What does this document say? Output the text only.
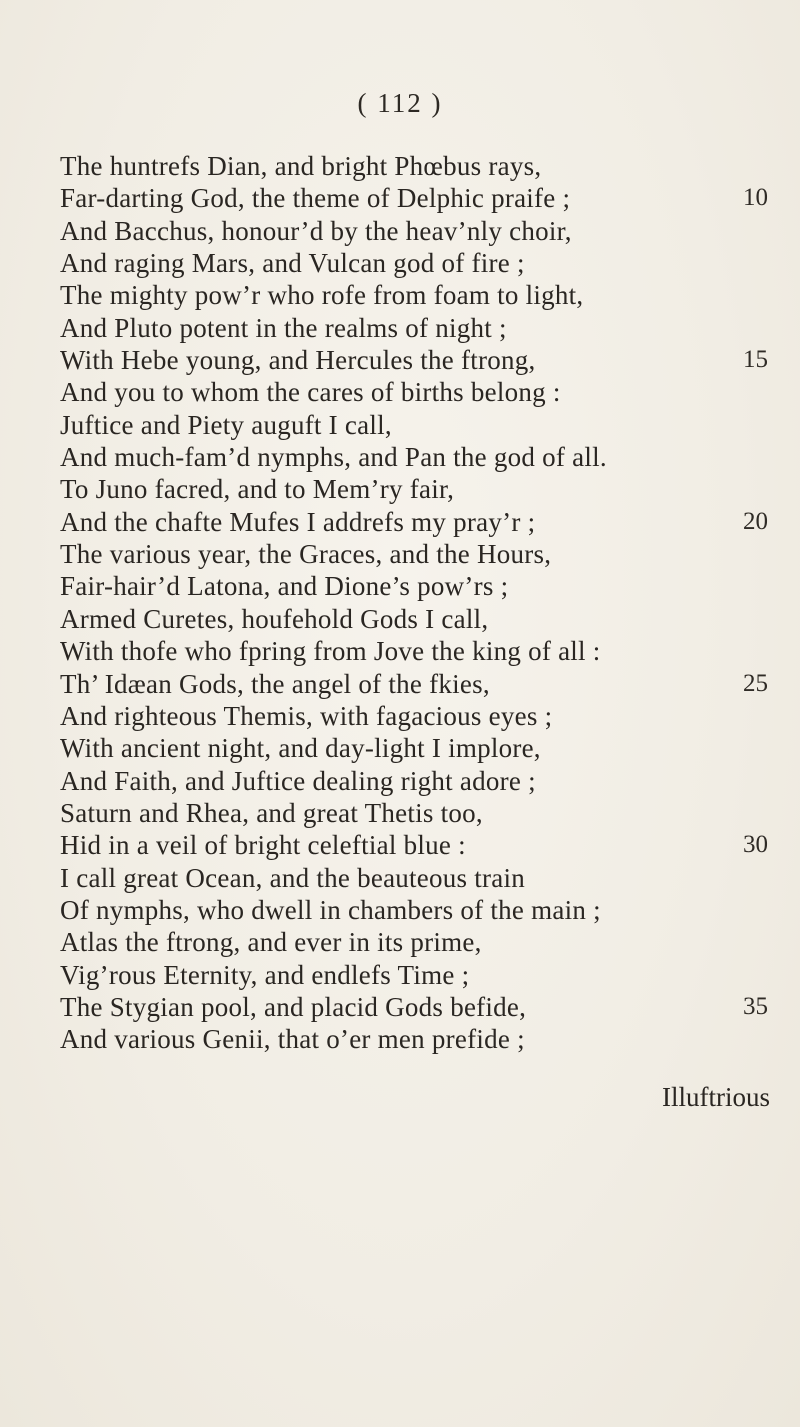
( 112 )
The huntrefs Dian, and bright Phœbus rays,
Far-darting God, the theme of Delphic praife ;	10
And Bacchus, honour’d by the heav’nly choir,
And raging Mars, and Vulcan god of fire ;
The mighty pow’r who rofe from foam to light,
And Pluto potent in the realms of night ;
With Hebe young, and Hercules the ftrong,	15
And you to whom the cares of births belong :
Juftice and Piety auguft I call,
And much-fam’d nymphs, and Pan the god of all.
To Juno facred, and to Mem’ry fair,
And the chafte Mufes I addrefs my pray’r ;	20
The various year, the Graces, and the Hours,
Fair-hair’d Latona, and Dione’s pow’rs ;
Armed Curetes, houfehold Gods I call,
With thofe who fpring from Jove the king of all :
Th’ Idæan Gods, the angel of the fkies,	25
And righteous Themis, with fagacious eyes ;
With ancient night, and day-light I implore,
And Faith, and Juftice dealing right adore ;
Saturn and Rhea, and great Thetis too,
Hid in a veil of bright celeftial blue :	30
I call great Ocean, and the beauteous train
Of nymphs, who dwell in chambers of the main ;
Atlas the ftrong, and ever in its prime,
Vig’rous Eternity, and endlefs Time ;
The Stygian pool, and placid Gods befide,	35
And various Genii, that o’er men prefide ;
Illuftrious
